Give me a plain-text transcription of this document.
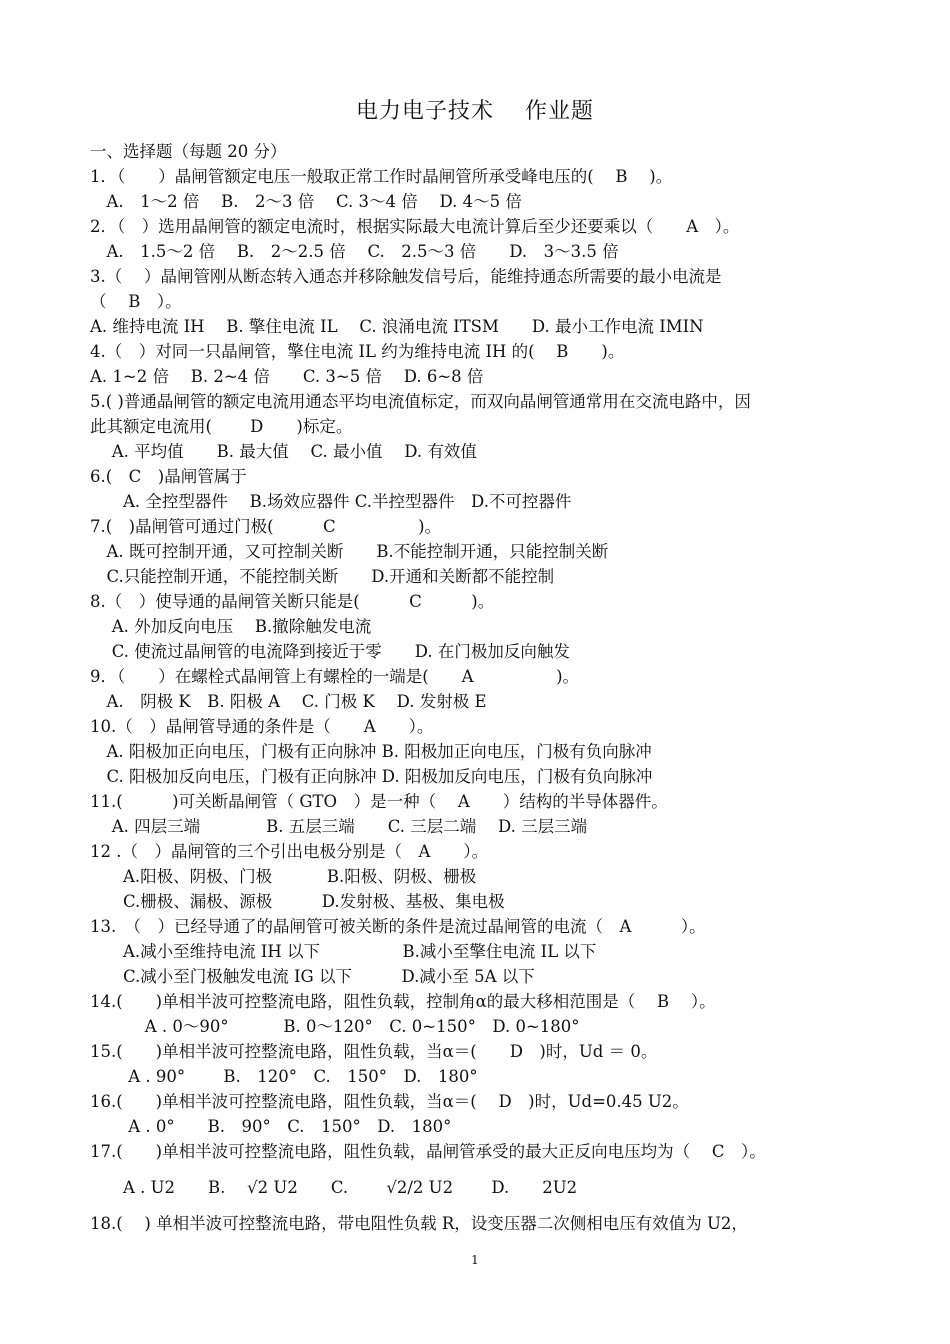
电力电子技术　 作业题
一、选择题（每题 20 分）
1．（　　）晶闸管额定电压一般取正常工作时晶闸管所承受峰电压的(　 B　 )。
　A.　1～2 倍　 B.　2～3 倍　 C. 3～4 倍　 D. 4～5 倍
2．（　）选用晶闸管的额定电流时，根据实际最大电流计算后至少还要乘以（　　A　）。
　A.　1.5～2 倍　 B.　2～2.5 倍　 C.　2.5～3 倍　　D.　3～3.5 倍
3.（　 ）晶闸管刚从断态转入通态并移除触发信号后，能维持通态所需要的最小电流是
（　 B　）。
A. 维持电流 IH　 B. 擎住电流 IL　 C. 浪涌电流 ITSM　　D. 最小工作电流 IMIN
4.（　）对同一只晶闸管，擎住电流 IL 约为维持电流 IH 的(　 B　　)。
A. 1~2 倍　 B. 2~4 倍　　C. 3~5 倍　 D. 6~8 倍
5.( )普通晶闸管的额定电流用通态平均电流值标定，而双向晶闸管通常用在交流电路中，因
此其额定电流用(　　 D　　)标定。
　 A. 平均值　　B. 最大值　 C. 最小值　 D. 有效值
6.(　C　)晶闸管属于
　　A. 全控型器件　 B.场效应器件 C.半控型器件　D.不可控器件
7.(　)晶闸管可通过门极(　　　C　　　　　)。
　A. 既可控制开通，又可控制关断　　B.不能控制开通，只能控制关断
　C.只能控制开通，不能控制关断　　D.开通和关断都不能控制
8.（　）使导通的晶闸管关断只能是(　　　C　　　)。
　 A. 外加反向电压　 B.撤除触发电流
　 C. 使流过晶闸管的电流降到接近于零　　D. 在门极加反向触发
9．（　　）在螺栓式晶闸管上有螺栓的一端是(　　A　　　　　)。
　A.　阴极 K　B. 阳极 A　 C. 门极 K　 D. 发射极 E
10.（　）晶闸管导通的条件是（　　A　　）。
　A. 阳极加正向电压，门极有正向脉冲 B. 阳极加正向电压，门极有负向脉冲
　C. 阳极加反向电压，门极有正向脉冲 D. 阳极加反向电压，门极有负向脉冲
11.(　　　)可关断晶闸管（ GTO　）是一种（　 A　　）结构的半导体器件。
　 A. 四层三端　　　　B. 五层三端　　C. 三层二端　 D. 三层三端
12 .（　）晶闸管的三个引出电极分别是（　A　　）。
　　A.阳极、阴极、门极　　　 B.阳极、阴极、栅极
　　C.栅极、漏极、源极　　　D.发射极、基极、集电极
13.　（　）已经导通了的晶闸管可被关断的条件是流过晶闸管的电流（　A　　　）。
　　A.减小至维持电流 IH 以下　　　　　B.减小至擎住电流 IL 以下
　　C.减小至门极触发电流 IG 以下　　　D.减小至 5A 以下
14.(　　)单相半波可控整流电路，阻性负载，控制角α的最大移相范围是（　 B　 ）。
　　　 A . 0～90°　　　 B. 0～120°　C. 0~150°　D. 0~180°
15.(　　)单相半波可控整流电路，阻性负载，当α＝(　　D　)时，Ud ＝ 0。
　　 A . 90°　　 B.　120°　C.　150°　D.　180°
16.(　　)单相半波可控整流电路，阻性负载，当α＝(　 D　)时，Ud=0.45 U2。
　　 A . 0°　　B.　90°　C.　150°　D.　180°
17.(　　)单相半波可控整流电路，阻性负载，晶闸管承受的最大正反向电压均为（　 C　）。
　　A . U2　　B.　 √2 U2　　C.　　 √2/2 U2　　 D.　　2U2
18.(　 ) 单相半波可控整流电路，带电阻性负载 R，设变压器二次侧相电压有效值为 U2，
1
